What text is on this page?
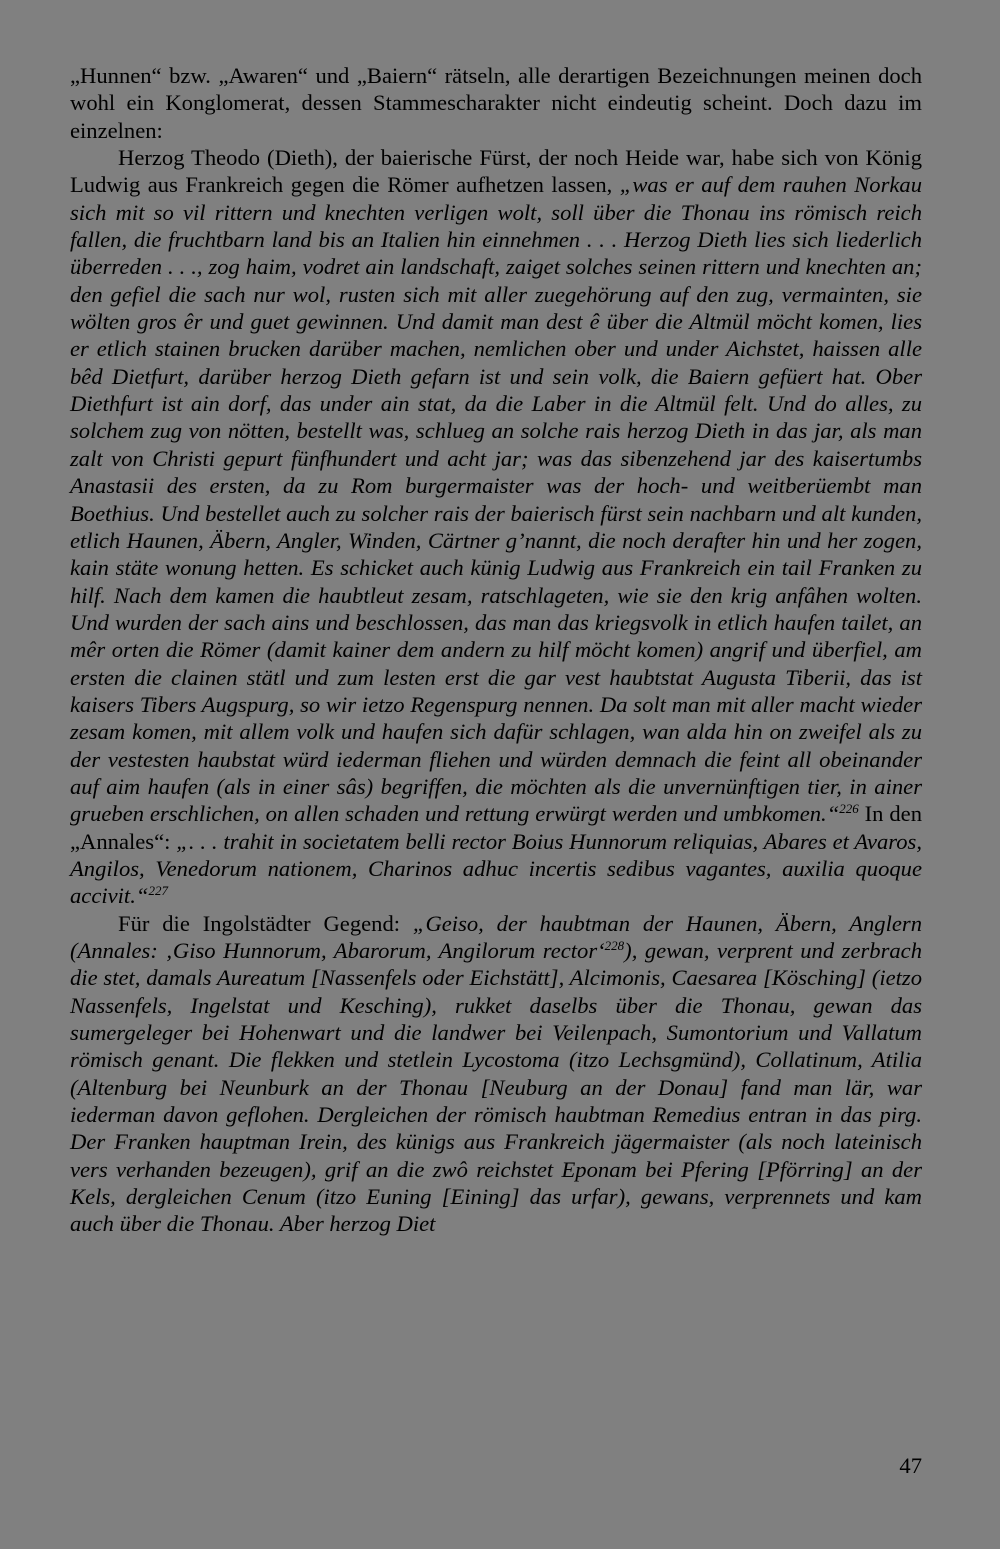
„Hunnen“ bzw. „Awaren“ und „Baiern“ rätseln, alle derartigen Bezeichnungen meinen doch wohl ein Konglomerat, dessen Stammescharakter nicht eindeutig scheint. Doch dazu im einzelnen:

Herzog Theodo (Dieth), der baierische Fürst, der noch Heide war, habe sich von König Ludwig aus Frankreich gegen die Römer aufhetzen lassen, „was er auf dem rauhen Norkau sich mit so vil rittern und knechten verligen wolt, soll über die Thonau ins römisch reich fallen, die fruchtbarn land bis an Italien hin einnehmen . . . Herzog Dieth lies sich liederlich überreden . . ., zog haim, vodret ain landschaft, zaiget solches seinen rittern und knechten an; den gefiel die sach nur wol, rusten sich mit aller zuegehörung auf den zug, vermainten, sie wölten gros êr und guet gewinnen. Und damit man dest ê über die Altmül möcht komen, lies er etlich stainen brucken darüber machen, nemlichen ober und under Aichstet, haissen alle bêd Dietfurt, darüber herzog Dieth gefarn ist und sein volk, die Baiern gefüert hat. Ober Diethfurt ist ain dorf, das under ain stat, da die Laber in die Altmül felt. Und do alles, zu solchem zug von nötten, bestellt was, schlueg an solche rais herzog Dieth in das jar, als man zalt von Christi gepurt fünfhundert und acht jar; was das sibenzehend jar des kaisertumbs Anastasii des ersten, da zu Rom burgermaister was der hoch- und weitberüembt man Boethius. Und bestellet auch zu solcher rais der baierisch fürst sein nachbarn und alt kunden, etlich Haunen, Äbern, Angler, Winden, Cärtner g’nannt, die noch derafter hin und her zogen, kain stäte wonung hetten. Es schicket auch künig Ludwig aus Frankreich ein tail Franken zu hilf. Nach dem kamen die haubtleut zesam, ratschlageten, wie sie den krig anfâhen wolten. Und wurden der sach ains und beschlossen, das man das kriegsvolk in etlich haufen tailet, an mêr orten die Römer (damit kainer dem andern zu hilf möcht komen) angrif und überfiel, am ersten die clainen stätl und zum lesten erst die gar vest haubtstat Augusta Tiberii, das ist kaisers Tibers Augspurg, so wir ietzo Regenspurg nennen. Da solt man mit aller macht wieder zesam komen, mit allem volk und haufen sich dafür schlagen, wan alda hin on zweifel als zu der vestesten haubstat würd iederman fliehen und würden demnach die feint all obeinander auf aim haufen (als in einer sâs) begriffen, die möchten als die unvernünftigen tier, in ainer grueben erschlichen, on allen schaden und rettung erwürgt werden und umbkomen.“$^{226}$ In den „Annales“: „. . . trahit in societatem belli rector Boius Hunnorum reliquias, Abares et Avaros, Angilos, Venedorum nationem, Charinos adhuc incertis sedibus vagantes, auxilia quoque accivit.“$^{227}$

Für die Ingolstädter Gegend: „Geiso, der haubtman der Haunen, Äbern, Anglern (Annales: ‚Giso Hunnorum, Abarorum, Angilorum rector‘$^{228}$), gewan, verprent und zerbrach die stet, damals Aureatum [Nassenfels oder Eichstätt], Alcimonis, Caesarea [Kösching] (ietzo Nassenfels, Ingelstat und Kesching), rukket daselbs über die Thonau, gewan das sumergeleger bei Hohenwart und die landwer bei Veilenpach, Sumontorium und Vallatum römisch genant. Die flekken und stetlein Lycostoma (itzo Lechsgmünd), Collatinum, Atilia (Altenburg bei Neunburk an der Thonau [Neuburg an der Donau] fand man lär, war iederman davon geflohen. Dergleichen der römisch haubtman Remedius entran in das pirg. Der Franken hauptman Irein, des künigs aus Frankreich jägermaister (als noch lateinisch vers verhanden bezeugen), grif an die zwô reichstet Eponam bei Pfering [Pförring] an der Kels, dergleichen Cenum (itzo Euning [Eining] das urfar), gewans, verprennets und kam auch über die Thonau. Aber herzog Diet

47
